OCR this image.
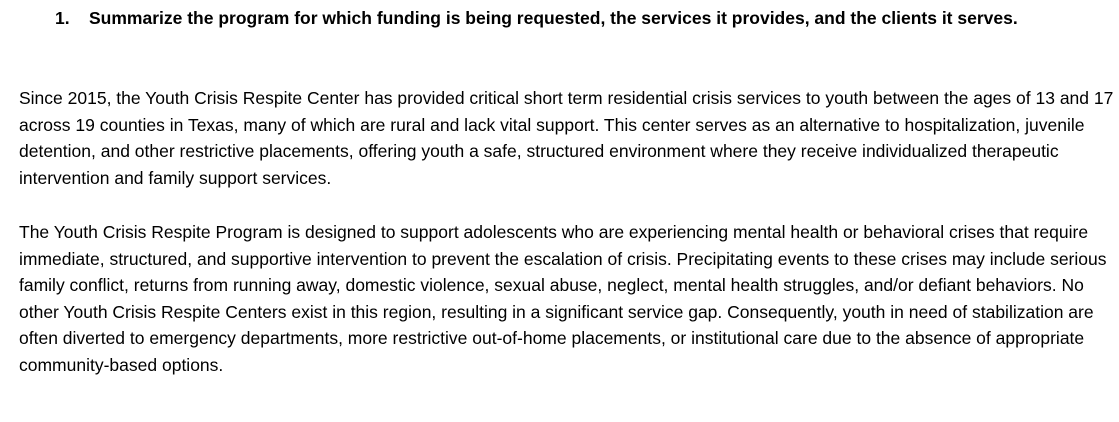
1.	Summarize the program for which funding is being requested, the services it provides, and the clients it serves.

Since 2015, the Youth Crisis Respite Center has provided critical short term residential crisis services to youth between the ages of 13 and 17 across 19 counties in Texas, many of which are rural and lack vital support. This center serves as an alternative to hospitalization, juvenile detention, and other restrictive placements, offering youth a safe, structured environment where they receive individualized therapeutic intervention and family support services.

The Youth Crisis Respite Program is designed to support adolescents who are experiencing mental health or behavioral crises that require immediate, structured, and supportive intervention to prevent the escalation of crisis. Precipitating events to these crises may include serious family conflict, returns from running away, domestic violence, sexual abuse, neglect, mental health struggles, and/or defiant behaviors. No other Youth Crisis Respite Centers exist in this region, resulting in a significant service gap. Consequently, youth in need of stabilization are often diverted to emergency departments, more restrictive out-of-home placements, or institutional care due to the absence of appropriate community-based options.
